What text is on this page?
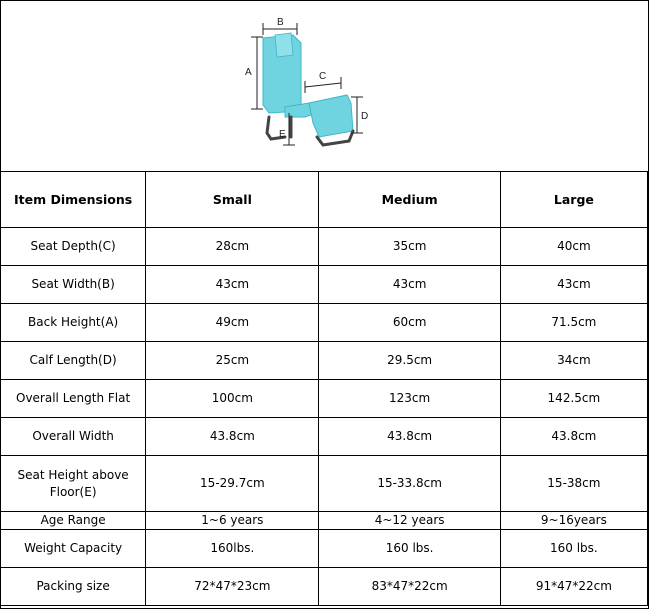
A
B
C
D
E
Item Dimensions	Small	Medium	Large
Seat Depth(C)	28cm	35cm	40cm
Seat Width(B)	43cm	43cm	43cm
Back Height(A)	49cm	60cm	71.5cm
Calf Length(D)	25cm	29.5cm	34cm
Overall Length Flat	100cm	123cm	142.5cm
Overall Width	43.8cm	43.8cm	43.8cm
Seat Height above Floor(E)	15-29.7cm	15-33.8cm	15-38cm
Age Range	1~6 years	4~12 years	9~16years
Weight Capacity	160lbs.	160 lbs.	160 lbs.
Packing size	72*47*23cm	83*47*22cm	91*47*22cm
